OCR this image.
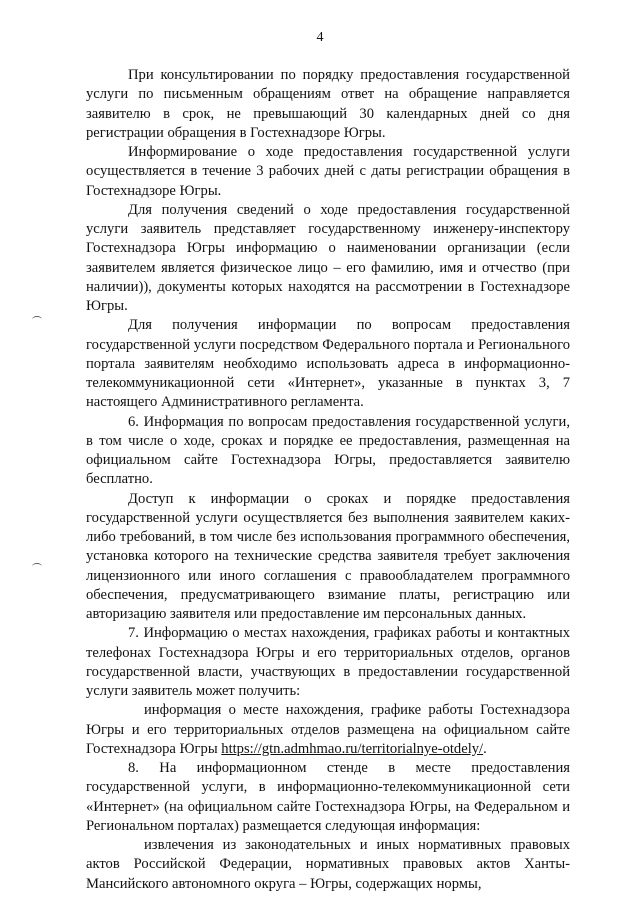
4

При консультировании по порядку предоставления государственной услуги по письменным обращениям ответ на обращение направляется заявителю в срок, не превышающий 30 календарных дней со дня регистрации обращения в Гостехнадзоре Югры.

Информирование о ходе предоставления государственной услуги осуществляется в течение 3 рабочих дней с даты регистрации обращения в Гостехнадзоре Югры.

Для получения сведений о ходе предоставления государственной услуги заявитель представляет государственному инженеру-инспектору Гостехнадзора Югры информацию о наименовании организации (если заявителем является физическое лицо – его фамилию, имя и отчество (при наличии)), документы которых находятся на рассмотрении в Гостехнадзоре Югры.

Для получения информации по вопросам предоставления государственной услуги посредством Федерального портала и Регионального портала заявителям необходимо использовать адреса в информационно-телекоммуникационной сети «Интернет», указанные в пунктах 3, 7 настоящего Административного регламента.

6. Информация по вопросам предоставления государственной услуги, в том числе о ходе, сроках и порядке ее предоставления, размещенная на официальном сайте Гостехнадзора Югры, предоставляется заявителю бесплатно.

Доступ к информации о сроках и порядке предоставления государственной услуги осуществляется без выполнения заявителем каких-либо требований, в том числе без использования программного обеспечения, установка которого на технические средства заявителя требует заключения лицензионного или иного соглашения с правообладателем программного обеспечения, предусматривающего взимание платы, регистрацию или авторизацию заявителя или предоставление им персональных данных.

7. Информацию о местах нахождения, графиках работы и контактных телефонах Гостехнадзора Югры и его территориальных отделов, органов государственной власти, участвующих в предоставлении государственной услуги заявитель может получить:

информация о месте нахождения, графике работы Гостехнадзора Югры и его территориальных отделов размещена на официальном сайте Гостехнадзора Югры https://gtn.admhmao.ru/territorialnye-otdely/.

8. На информационном стенде в месте предоставления государственной услуги, в информационно-телекоммуникационной сети «Интернет» (на официальном сайте Гостехнадзора Югры, на Федеральном и Региональном порталах) размещается следующая информация:

извлечения из законодательных и иных нормативных правовых актов Российской Федерации, нормативных правовых актов Ханты-Мансийского автономного округа – Югры, содержащих нормы,
